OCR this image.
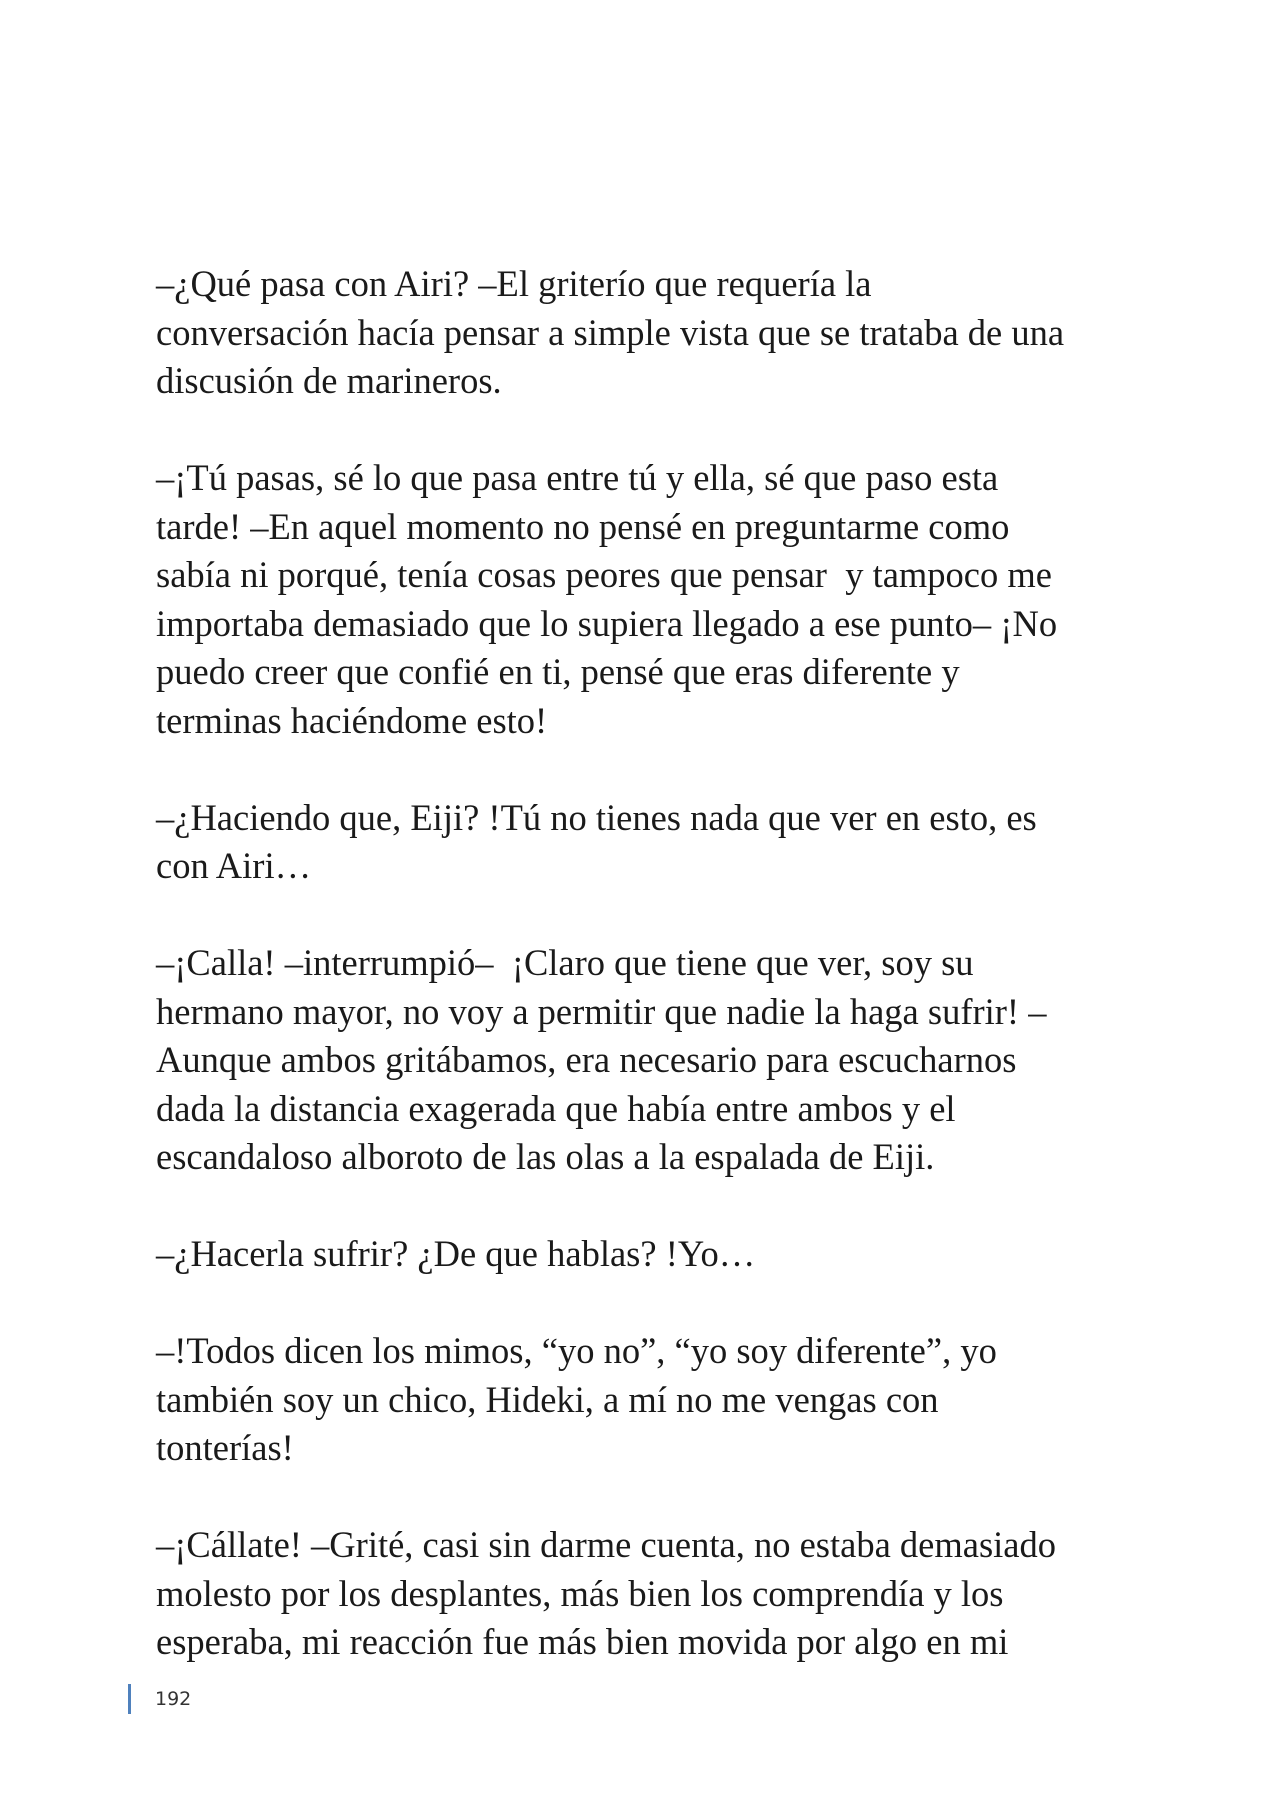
–¿Qué pasa con Airi? –El griterío que requería la
conversación hacía pensar a simple vista que se trataba de una
discusión de marineros.

–¡Tú pasas, sé lo que pasa entre tú y ella, sé que paso esta
tarde! –En aquel momento no pensé en preguntarme como
sabía ni porqué, tenía cosas peores que pensar  y tampoco me
importaba demasiado que lo supiera llegado a ese punto– ¡No
puedo creer que confié en ti, pensé que eras diferente y
terminas haciéndome esto!

–¿Haciendo que, Eiji? !Tú no tienes nada que ver en esto, es
con Airi…

–¡Calla! –interrumpió–  ¡Claro que tiene que ver, soy su
hermano mayor, no voy a permitir que nadie la haga sufrir! –
Aunque ambos gritábamos, era necesario para escucharnos
dada la distancia exagerada que había entre ambos y el
escandaloso alboroto de las olas a la espalada de Eiji.

–¿Hacerla sufrir? ¿De que hablas? !Yo…

–!Todos dicen los mimos, “yo no”, “yo soy diferente”, yo
también soy un chico, Hideki, a mí no me vengas con
tonterías!

–¡Cállate! –Grité, casi sin darme cuenta, no estaba demasiado
molesto por los desplantes, más bien los comprendía y los
esperaba, mi reacción fue más bien movida por algo en mi

192
